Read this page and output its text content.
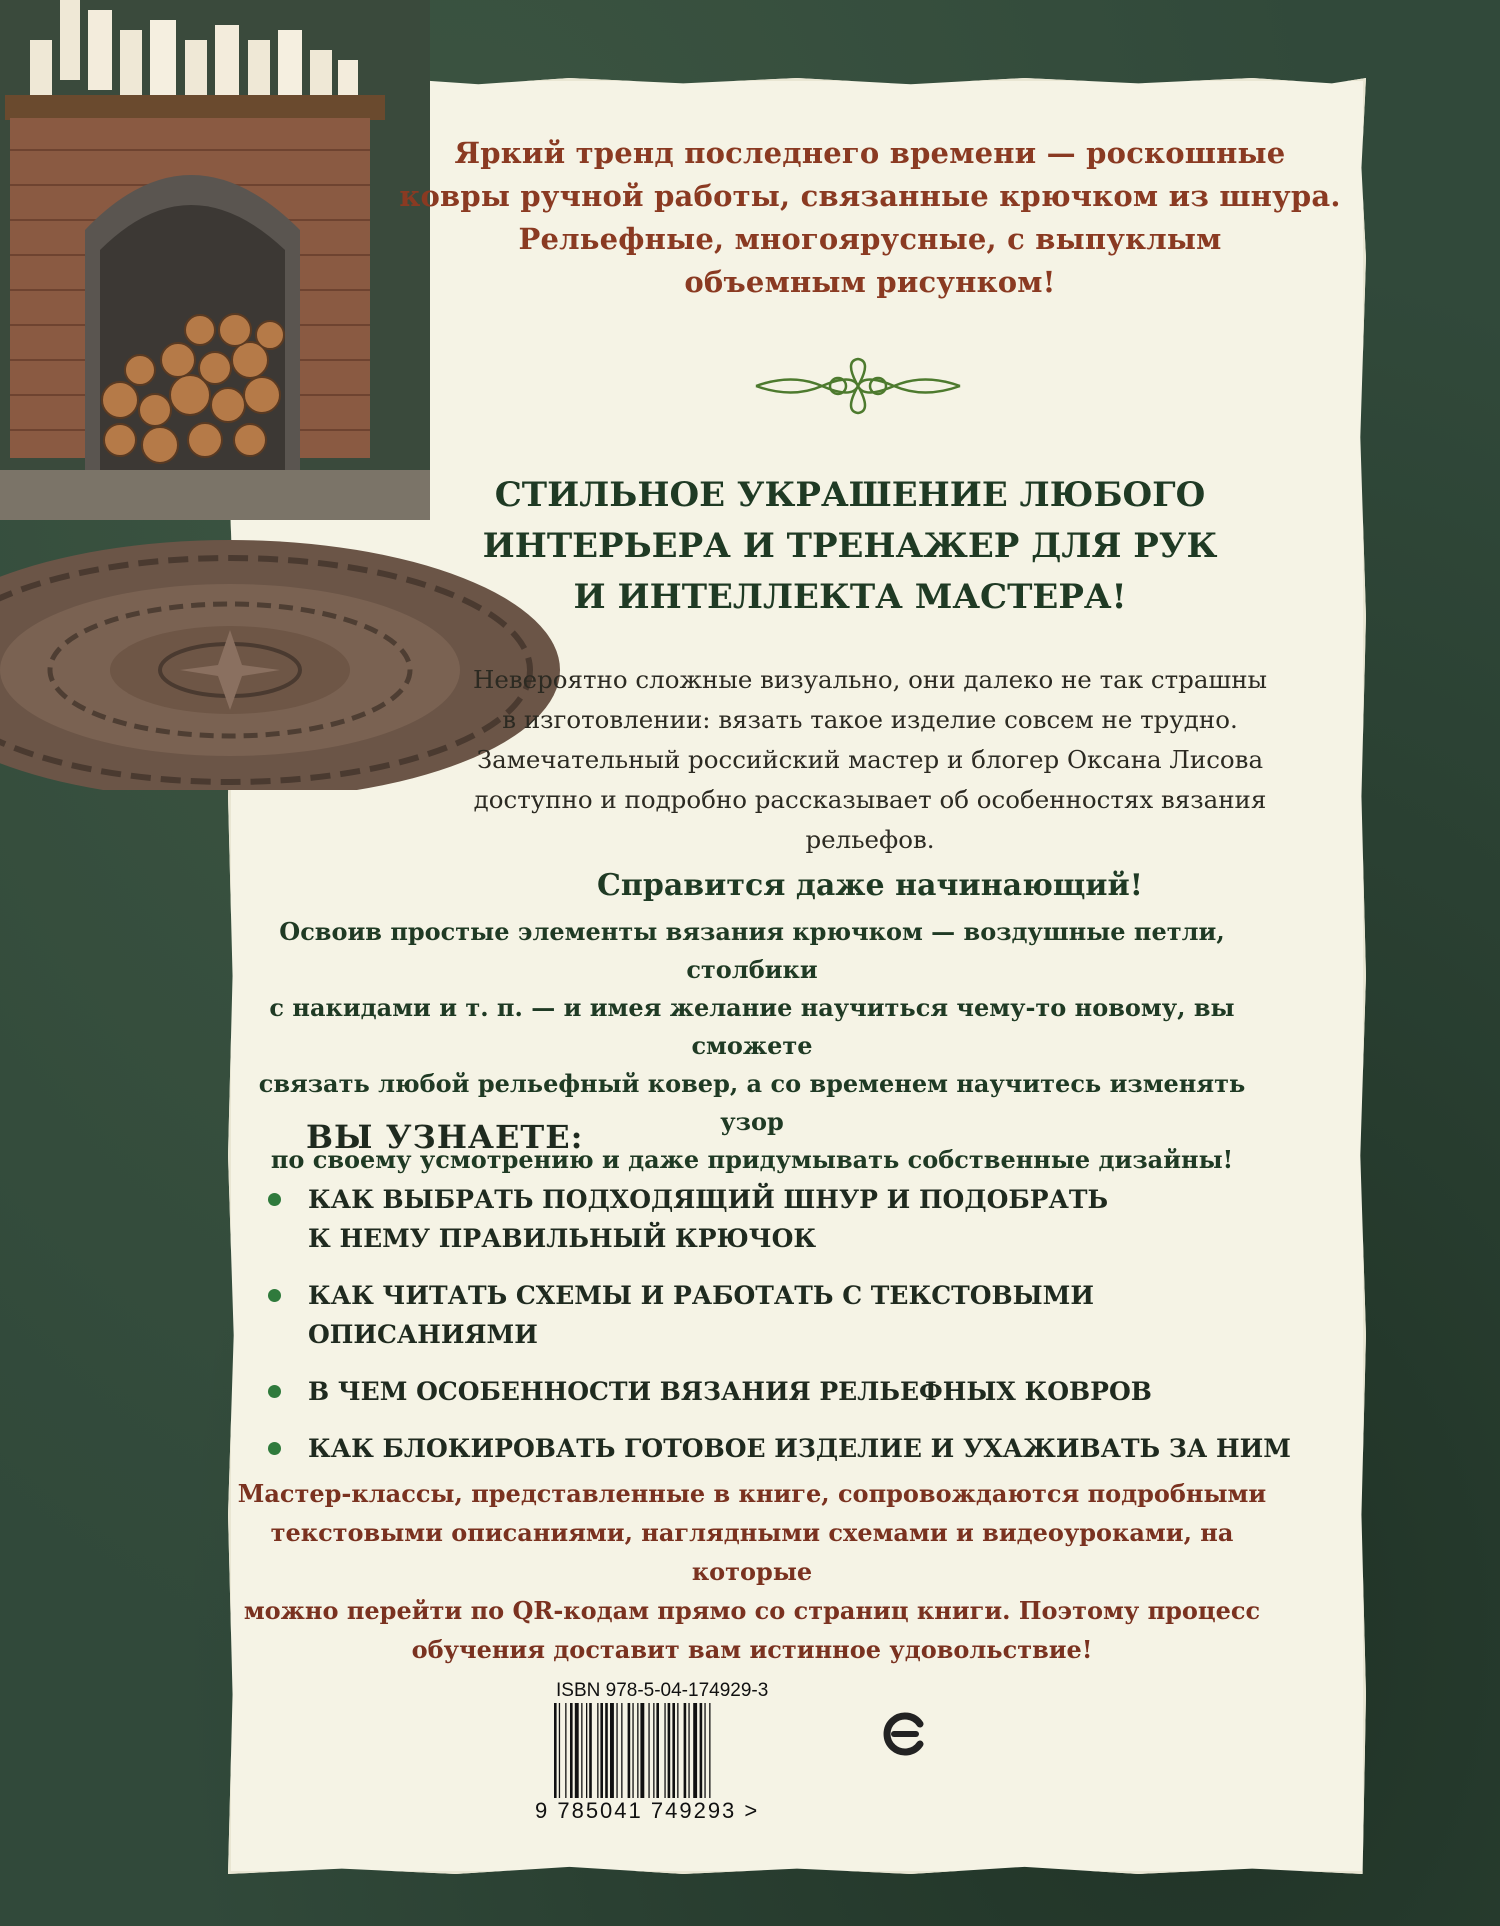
Яркий тренд последнего времени — роскошные
ковры ручной работы, связанные крючком из шнура.
Рельефные, многоярусные, с выпуклым
объемным рисунком!
СТИЛЬНОЕ УКРАШЕНИЕ ЛЮБОГО
ИНТЕРЬЕРА И ТРЕНАЖЕР ДЛЯ РУК
И ИНТЕЛЛЕКТА МАСТЕРА!
Невероятно сложные визуально, они далеко не так страшны
в изготовлении: вязать такое изделие совсем не трудно.
Замечательный российский мастер и блогер Оксана Лисова
доступно и подробно рассказывает об особенностях вязания рельефов.
Справится даже начинающий!
Освоив простые элементы вязания крючком — воздушные петли, столбики
с накидами и т. п. — и имея желание научиться чему-то новому, вы сможете
связать любой рельефный ковер, а со временем научитесь изменять узор
по своему усмотрению и даже придумывать собственные дизайны!
ВЫ УЗНАЕТЕ:
КАК ВЫБРАТЬ ПОДХОДЯЩИЙ ШНУР И ПОДОБРАТЬ
К НЕМУ ПРАВИЛЬНЫЙ КРЮЧОК
КАК ЧИТАТЬ СХЕМЫ И РАБОТАТЬ С ТЕКСТОВЫМИ ОПИСАНИЯМИ
В ЧЕМ ОСОБЕННОСТИ ВЯЗАНИЯ РЕЛЬЕФНЫХ КОВРОВ
КАК БЛОКИРОВАТЬ ГОТОВОЕ ИЗДЕЛИЕ И УХАЖИВАТЬ ЗА НИМ
Мастер-классы, представленные в книге, сопровождаются подробными
текстовыми описаниями, наглядными схемами и видеоуроками, на которые
можно перейти по QR-кодам прямо со страниц книги. Поэтому процесс
обучения доставит вам истинное удовольствие!
ISBN 978-5-04-174929-3
9 785041 749293 >
